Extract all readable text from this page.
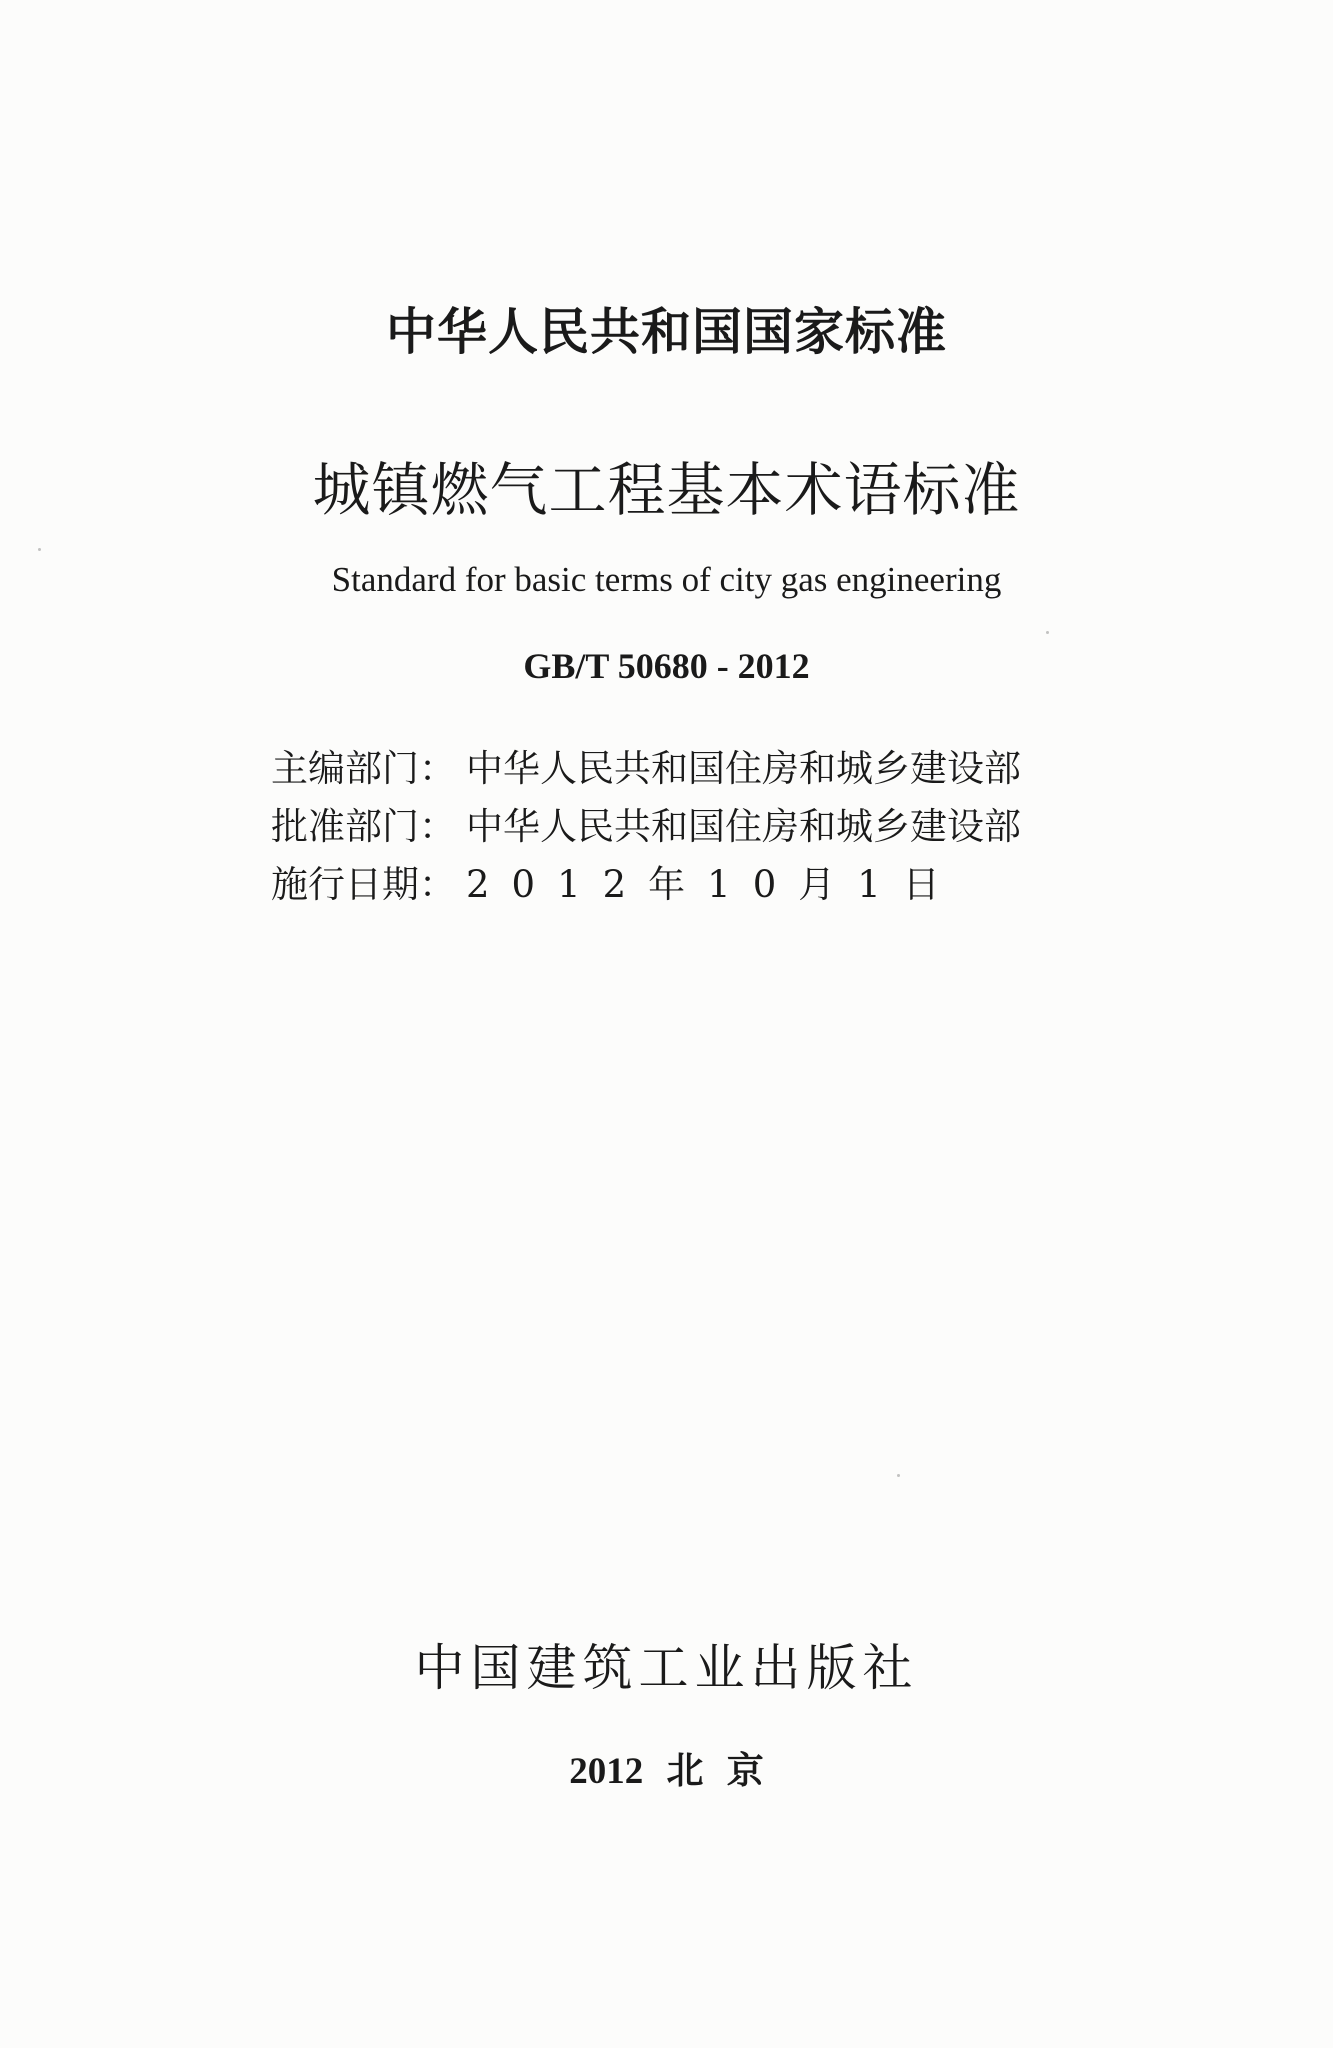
中华人民共和国国家标准
城镇燃气工程基本术语标准
Standard for basic terms of city gas engineering
GB/T 50680 - 2012
主编部门： 中华人民共和国住房和城乡建设部
批准部门： 中华人民共和国住房和城乡建设部
施行日期： 2012年10月1日
中国建筑工业出版社
2012 北 京
